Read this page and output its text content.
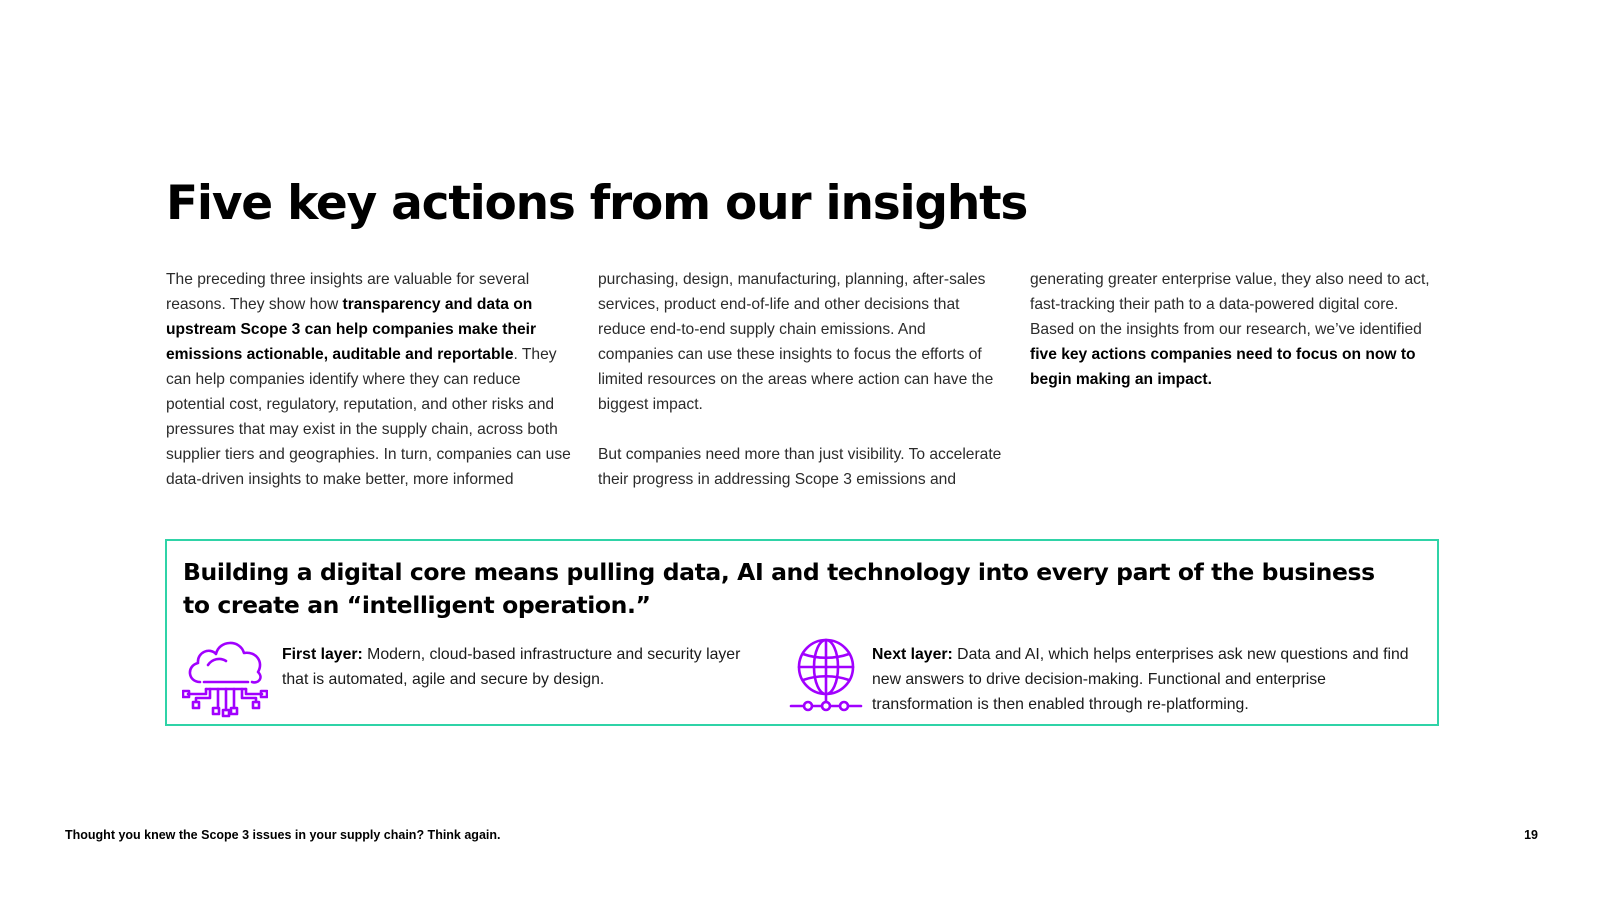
Five key actions from our insights

The preceding three insights are valuable for several reasons. They show how transparency and data on upstream Scope 3 can help companies make their emissions actionable, auditable and reportable. They can help companies identify where they can reduce potential cost, regulatory, reputation, and other risks and pressures that may exist in the supply chain, across both supplier tiers and geographies. In turn, companies can use data-driven insights to make better, more informed purchasing, design, manufacturing, planning, after-sales services, product end-of-life and other decisions that reduce end-to-end supply chain emissions. And companies can use these insights to focus the efforts of limited resources on the areas where action can have the biggest impact.

But companies need more than just visibility. To accelerate their progress in addressing Scope 3 emissions and generating greater enterprise value, they also need to act, fast-tracking their path to a data-powered digital core. Based on the insights from our research, we’ve identified five key actions companies need to focus on now to begin making an impact.

Building a digital core means pulling data, AI and technology into every part of the business to create an “intelligent operation.”
First layer: Modern, cloud-based infrastructure and security layer that is automated, agile and secure by design.
Next layer: Data and AI, which helps enterprises ask new questions and find new answers to drive decision-making. Functional and enterprise transformation is then enabled through re-platforming.
Thought you knew the Scope 3 issues in your supply chain? Think again.	19
